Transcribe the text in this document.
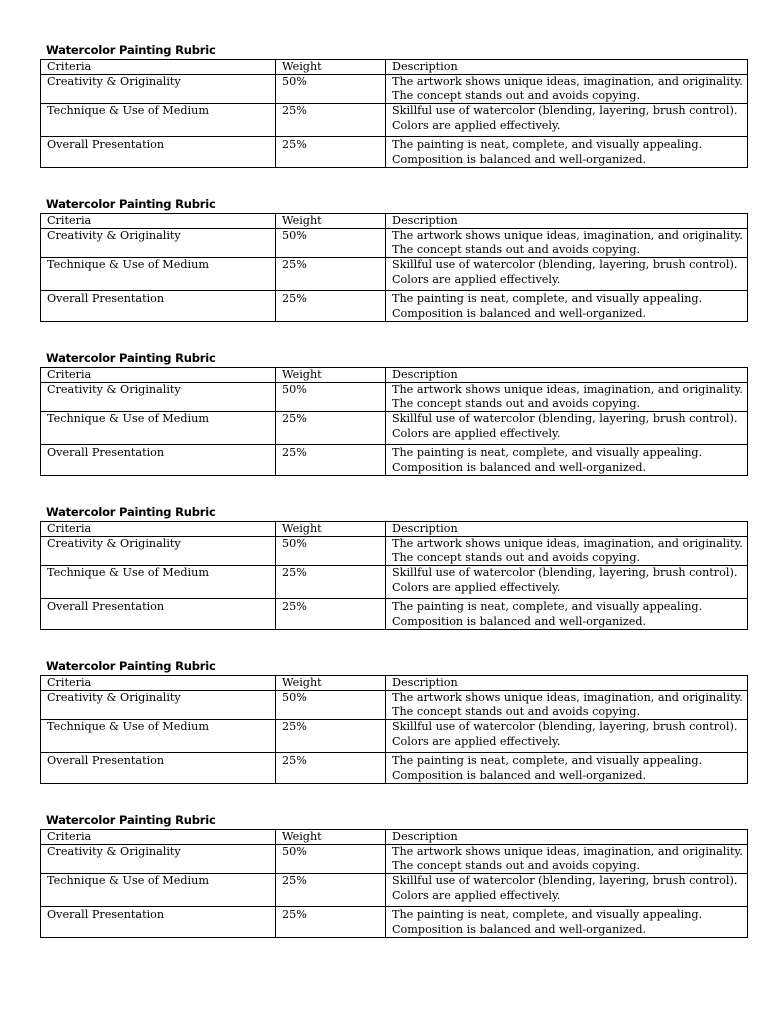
Watercolor Painting Rubric
Criteria	Weight	Description
Creativity & Originality	50%	The artwork shows unique ideas, imagination, and originality.
The concept stands out and avoids copying.

Technique & Use of Medium	25%	Skillful use of watercolor (blending, layering, brush control).
Colors are applied effectively.

Overall Presentation	25%	The painting is neat, complete, and visually appealing.
Composition is balanced and well-organized.
Watercolor Painting Rubric
Criteria	Weight	Description
Creativity & Originality	50%	The artwork shows unique ideas, imagination, and originality.
The concept stands out and avoids copying.

Technique & Use of Medium	25%	Skillful use of watercolor (blending, layering, brush control).
Colors are applied effectively.

Overall Presentation	25%	The painting is neat, complete, and visually appealing.
Composition is balanced and well-organized.
Watercolor Painting Rubric
Criteria	Weight	Description
Creativity & Originality	50%	The artwork shows unique ideas, imagination, and originality.
The concept stands out and avoids copying.

Technique & Use of Medium	25%	Skillful use of watercolor (blending, layering, brush control).
Colors are applied effectively.

Overall Presentation	25%	The painting is neat, complete, and visually appealing.
Composition is balanced and well-organized.
Watercolor Painting Rubric
Criteria	Weight	Description
Creativity & Originality	50%	The artwork shows unique ideas, imagination, and originality.
The concept stands out and avoids copying.

Technique & Use of Medium	25%	Skillful use of watercolor (blending, layering, brush control).
Colors are applied effectively.

Overall Presentation	25%	The painting is neat, complete, and visually appealing.
Composition is balanced and well-organized.
Watercolor Painting Rubric
Criteria	Weight	Description
Creativity & Originality	50%	The artwork shows unique ideas, imagination, and originality.
The concept stands out and avoids copying.

Technique & Use of Medium	25%	Skillful use of watercolor (blending, layering, brush control).
Colors are applied effectively.

Overall Presentation	25%	The painting is neat, complete, and visually appealing.
Composition is balanced and well-organized.
Watercolor Painting Rubric
Criteria	Weight	Description
Creativity & Originality	50%	The artwork shows unique ideas, imagination, and originality.
The concept stands out and avoids copying.

Technique & Use of Medium	25%	Skillful use of watercolor (blending, layering, brush control).
Colors are applied effectively.

Overall Presentation	25%	The painting is neat, complete, and visually appealing.
Composition is balanced and well-organized.
